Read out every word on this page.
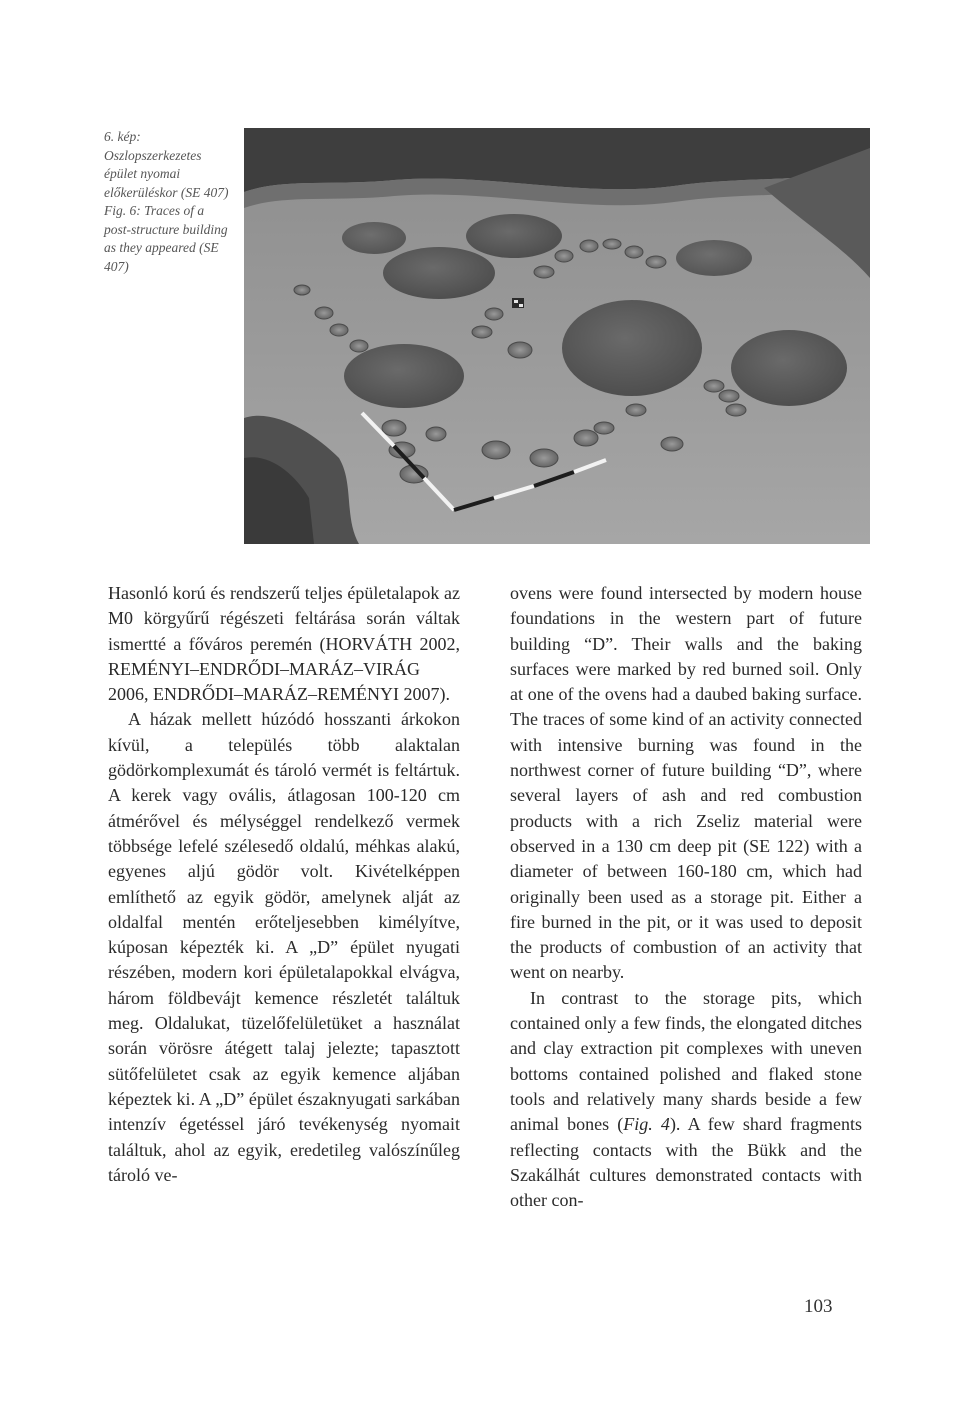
6. kép: Oszlopszerkezetes épület nyomai előkerüléskor (SE 407)

Fig. 6: Traces of a post-structure building as they appeared (SE 407)

Hasonló korú és rendszerű teljes épületalapok az M0 körgyűrű régészeti feltárása során váltak ismertté a főváros peremén (HORVÁTH 2002, REMÉNYI–ENDRŐDI–MARÁZ–VIRÁG 2006, ENDRŐDI–MARÁZ–REMÉNYI 2007).

A házak mellett húzódó hosszanti árkokon kívül, a település több alaktalan gödörkomplexumát és tároló vermét is feltártuk. A kerek vagy ovális, átlagosan 100-120 cm átmérővel és mélységgel rendelkező vermek többsége lefelé szélesedő oldalú, méhkas alakú, egyenes aljú gödör volt. Kivételképpen említhető az egyik gödör, amelynek alját az oldalfal mentén erőteljesebben kimélyítve, kúposan képezték ki. A „D” épület nyugati részében, modern kori épületalapokkal elvágva, három földbevájt kemence részletét találtuk meg. Oldalukat, tüzelőfelületüket a használat során vörösre átégett talaj jelezte; tapasztott sütőfelületet csak az egyik kemence aljában képeztek ki. A „D” épület északnyugati sarkában intenzív égetéssel járó tevékenység nyomait találtuk, ahol az egyik, eredetileg valószínűleg tároló ve-

ovens were found intersected by modern house foundations in the western part of future building “D”. Their walls and the baking surfaces were marked by red burned soil. Only at one of the ovens had a daubed baking surface. The traces of some kind of an activity connected with intensive burning was found in the northwest corner of future building “D”, where several layers of ash and red combustion products with a rich Zseliz material were observed in a 130 cm deep pit (SE 122) with a diameter of between 160-180 cm, which had originally been used as a storage pit. Either a fire burned in the pit, or it was used to deposit the products of combustion of an activity that went on nearby.

In contrast to the storage pits, which contained only a few finds, the elongated ditches and clay extraction pit complexes with uneven bottoms contained polished and flaked stone tools and relatively many shards beside a few animal bones (Fig. 4). A few shard fragments reflecting contacts with the Bükk and the Szakálhát cultures demonstrated contacts with other con-

103
